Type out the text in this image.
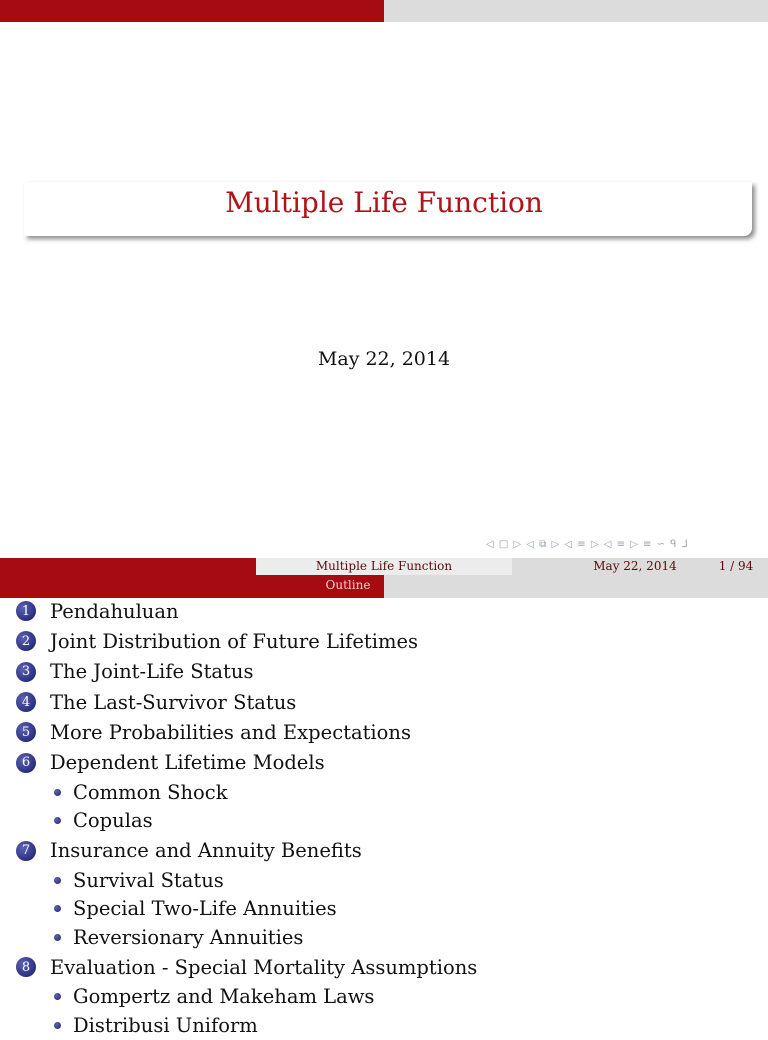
Multiple Life Function
May 22, 2014
◁ □ ▷ ◁ ⧉ ▷ ◁ ≡ ▷ ◁ ≡ ▷ ≡ ∽ ᑫ ᒧ
Multiple Life Function	May 22, 2014	1 / 94
Outline
1	Pendahuluan
2	Joint Distribution of Future Lifetimes
3	The Joint-Life Status
4	The Last-Survivor Status
5	More Probabilities and Expectations
6	Dependent Lifetime Models
Common Shock
Copulas
7	Insurance and Annuity Benefits
Survival Status
Special Two-Life Annuities
Reversionary Annuities
8	Evaluation - Special Mortality Assumptions
Gompertz and Makeham Laws
Distribusi Uniform
